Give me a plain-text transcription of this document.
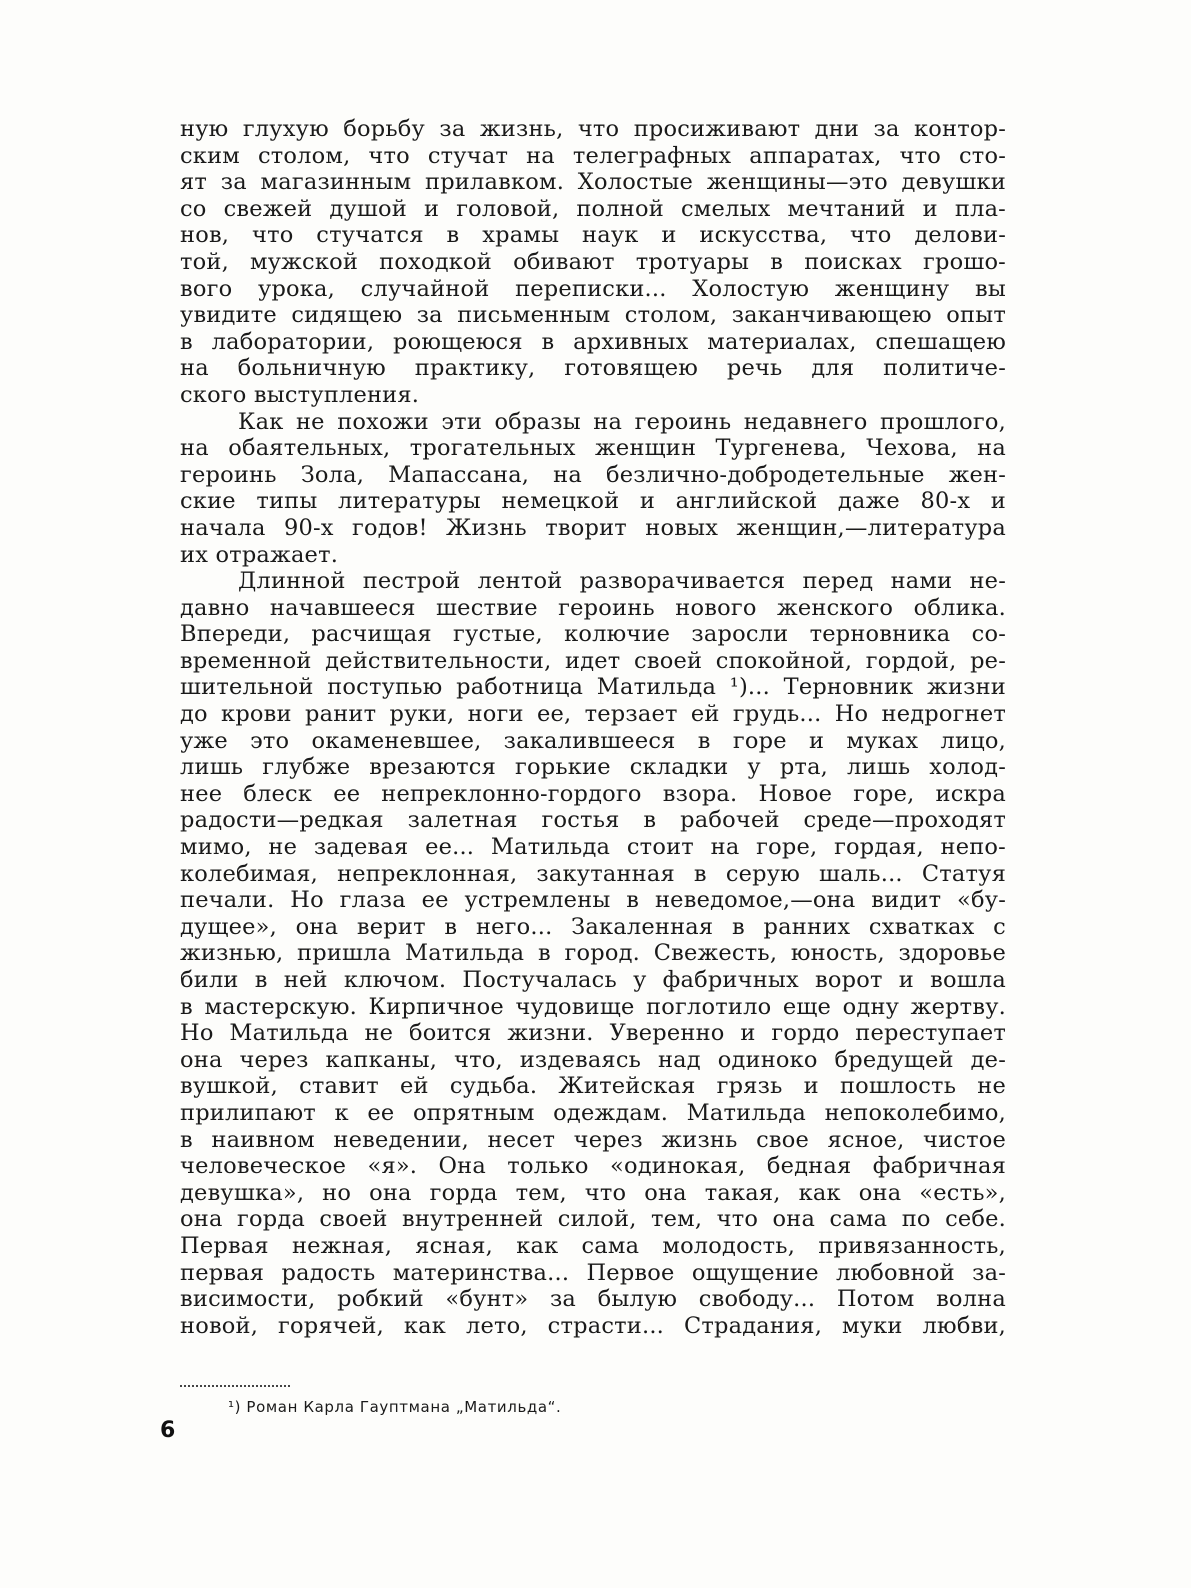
ную глухую борьбу за жизнь, что просиживают дни за контор-
ским столом, что стучат на телеграфных аппаратах, что сто-
ят за магазинным прилавком. Холостые женщины—это девушки
со свежей душой и головой, полной смелых мечтаний и пла-
нов, что стучатся в храмы наук и искусства, что делови-
той, мужской походкой обивают тротуары в поисках грошо-
вого урока, случайной переписки... Холостую женщину вы
увидите сидящею за письменным столом, заканчивающею опыт
в лаборатории, роющеюся в архивных материалах, спешащею
на больничную практику, готовящею речь для политиче-
ского выступления.
Как не похожи эти образы на героинь недавнего прошлого,
на обаятельных, трогательных женщин Тургенева, Чехова, на
героинь Зола, Мапассана, на безлично-добродетельные жен-
ские типы литературы немецкой и английской даже 80-х и
начала 90-х годов! Жизнь творит новых женщин,—литература
их отражает.
Длинной пестрой лентой разворачивается перед нами не-
давно начавшееся шествие героинь нового женского облика.
Впереди, расчищая густые, колючие заросли терновника со-
временной действительности, идет своей спокойной, гордой, ре-
шительной поступью работница Матильда ¹)... Терновник жизни
до крови ранит руки, ноги ее, терзает ей грудь... Но недрогнет
уже это окаменевшее, закалившееся в горе и муках лицо,
лишь глубже врезаются горькие складки у рта, лишь холод-
нее блеск ее непреклонно-гордого взора. Новое горе, искра
радости—редкая залетная гостья в рабочей среде—проходят
мимо, не задевая ее... Матильда стоит на горе, гордая, непо-
колебимая, непреклонная, закутанная в серую шаль... Статуя
печали. Но глаза ее устремлены в неведомое,—она видит «бу-
дущее», она верит в него... Закаленная в ранних схватках с
жизнью, пришла Матильда в город. Свежесть, юность, здоровье
били в ней ключом. Постучалась у фабричных ворот и вошла
в мастерскую. Кирпичное чудовище поглотило еще одну жертву.
Но Матильда не боится жизни. Уверенно и гордо переступает
она через капканы, что, издеваясь над одиноко бредущей де-
вушкой, ставит ей судьба. Житейская грязь и пошлость не
прилипают к ее опрятным одеждам. Матильда непоколебимо,
в наивном неведении, несет через жизнь свое ясное, чистое
человеческое «я». Она только «одинокая, бедная фабричная
девушка», но она горда тем, что она такая, как она «есть»,
она горда своей внутренней силой, тем, что она сама по себе.
Первая нежная, ясная, как сама молодость, привязанность,
первая радость материнства... Первое ощущение любовной за-
висимости, робкий «бунт» за былую свободу... Потом волна
новой, горячей, как лето, страсти... Страдания, муки любви,
¹) Роман Карла Гауптмана „Матильда“.
6
